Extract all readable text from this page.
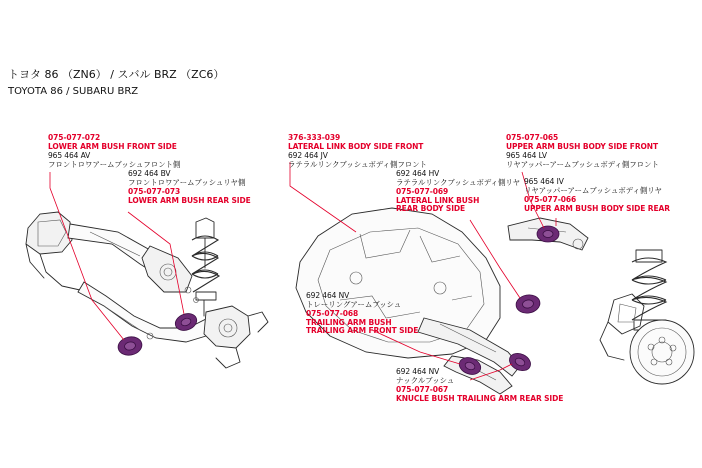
トヨタ 86 （ZN6） / スバル BRZ （ZC6）
TOYOTA 86 / SUBARU BRZ
075-077-072
LOWER ARM BUSH FRONT SIDE
965 464 AV
フロントロワアームブッシュフロント側
692 464 BV
フロントロワアームブッシュリヤ側
075-077-073
LOWER ARM BUSH REAR SIDE
376-333-039
LATERAL LINK BODY SIDE FRONT
692 464 JV
ラテラルリンクブッシュボディ側フロント
692 464 HV
ラテラルリンクブッシュボディ側リヤ
075-077-069
LATERAL LINK BUSH
REAR BODY SIDE
075-077-065
UPPER ARM BUSH BODY SIDE FRONT
965 464 LV
リヤアッパーアームブッシュボディ側フロント
965 464 IV
リヤアッパーアームブッシュボディ側リヤ
075-077-066
UPPER ARM BUSH BODY SIDE REAR
692 464 NV
トレーリングアームブッシュ
075-077-068
TRAILING ARM BUSH
TRAILING ARM FRONT SIDE
692 464 NV
ナックルブッシュ
075-077-067
KNUCLE BUSH TRAILING ARM REAR SIDE
